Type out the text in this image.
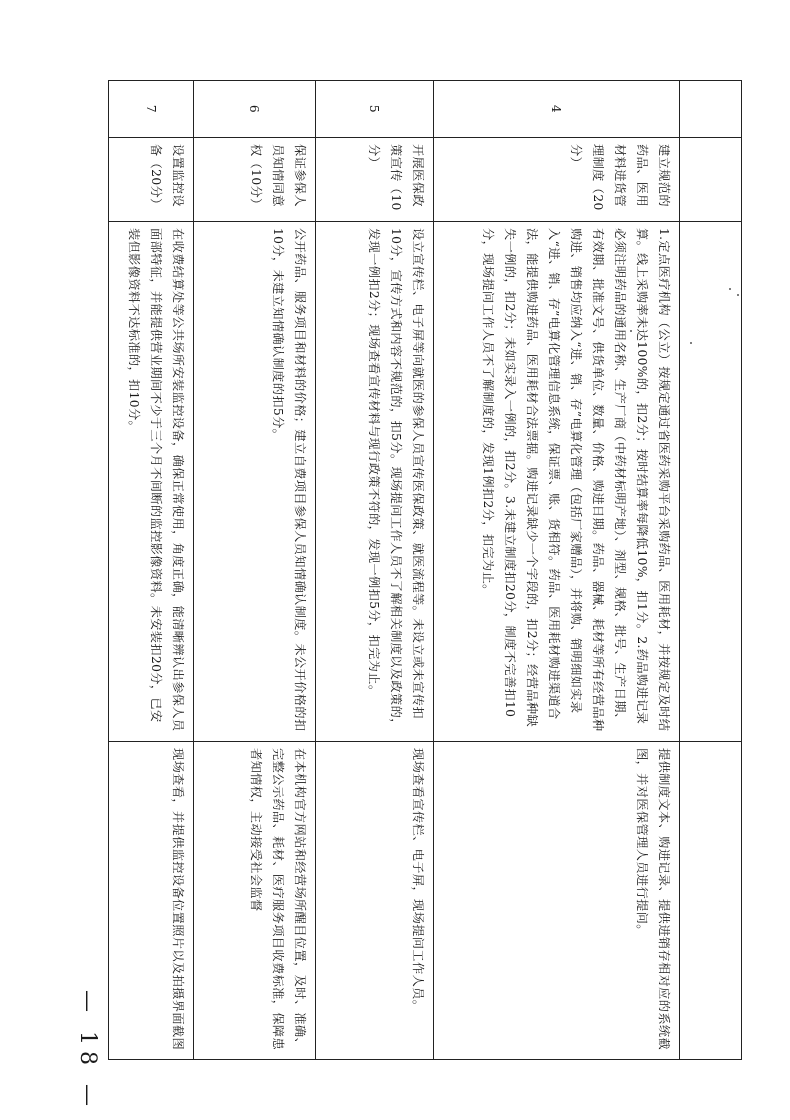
4
建立规范的药品、医用材料进货管理制度（20分）
1.定点医疗机构（公立）按规定通过省医药采购平台采购药品、医用耗材，并按规定及时结算。线上采购率未达100%的，扣2分；按时结算率每降低10%，扣1分。2.药品购进记录必须注明药品的通用名称、生产厂商（中药材标明产地）、剂型、规格、批号、生产日期、有效期、批准文号、供货单位、数量、价格、购进日期。药品、器械、耗材等所有经营品种购进、销售均应纳入“进、销、存”电算化管理（包括厂家赠品），并将购、销明细如实录入“进、销、存”电算化管理信息系统，保证票、账、货相符。药品、医用耗材购进渠道合法，能提供购进药品、医用耗材合法票据。购进记录缺少一个字段的，扣2分；经营品种缺失一例的，扣2分；未如实录入一例的，扣2分。3.未建立制度扣20分，制度不完善扣10分，现场提问工作人员不了解制度的，发现1例扣2分，扣完为止。
提供制度文本、购进记录、提供进销存相对应的系统截图，并对医保管理人员进行提问。
5
开展医保政策宣传（10分）
设立宣传栏、电子屏等向就医的参保人员宣传医保政策、就医流程等。未设立或未宣传扣10分，宣传方式和内容不规范的，扣5分。现场提问工作人员不了解相关制度以及政策的，发现一例扣2分；现场查看宣传材料与现行政策不符的，发现一例扣5分，扣完为止。
现场查看宣传栏、电子屏，现场提问工作人员。
6
保证参保人员知情同意权（10分）
公开药品、服务项目和材料的价格；建立自费项目参保人员知情确认制度。未公开价格的扣10分，未建立知情确认制度的扣5分。
在本机构官方网站和经营场所醒目位置，及时、准确、完整公示药品、耗材、医疗服务项目收费标准，保障患者知情权，主动接受社会监督
7
设置监控设备（20分）
在收费结算处等公共场所安装监控设备，确保正常使用，角度正确，能清晰辨认出参保人员面部特征，并能提供营业期间不少于三个月不间断的监控影像资料。未安装扣20分，已安装但影像资料不达标准的，扣10分。
现场查看，并提供监控设备位置照片以及拍摄界面截图
— 18 —
